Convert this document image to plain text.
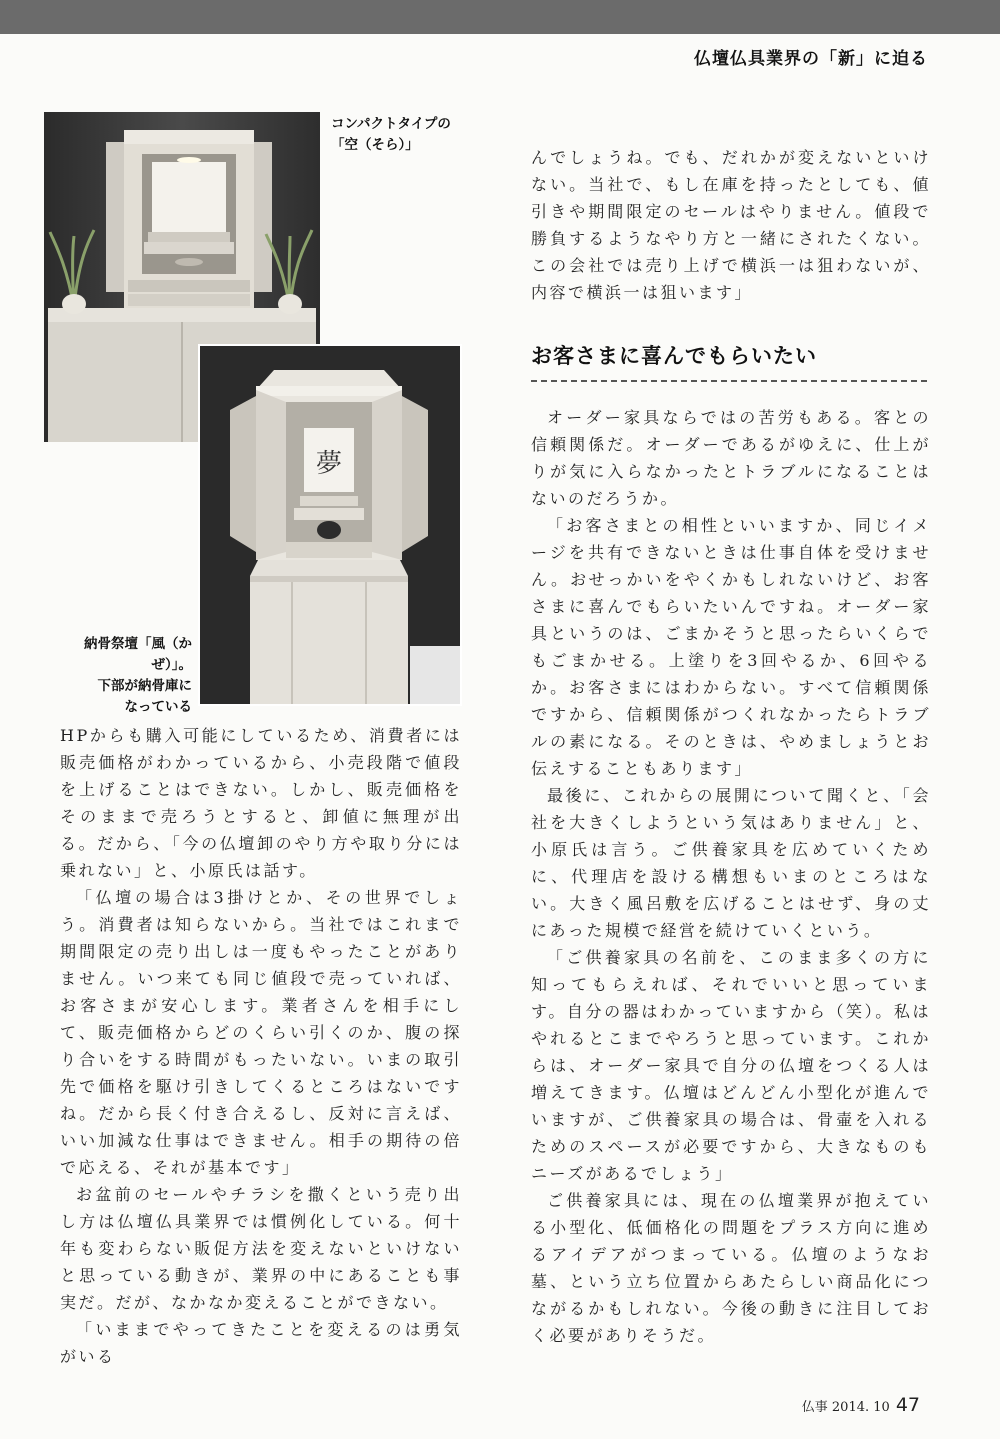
仏壇仏具業界の「新」に迫る
コンパクトタイプの
「空（そら）」
夢
納骨祭壇「風（かぜ）」。
下部が納骨庫に
なっている

HPからも購入可能にしているため、消費者には販売価格がわかっているから、小売段階で値段を上げることはできない。しかし、販売価格をそのままで売ろうとすると、卸値に無理が出る。だから、「今の仏壇卸のやり方や取り分には乗れない」と、小原氏は話す。

「仏壇の場合は3掛けとか、その世界でしょう。消費者は知らないから。当社ではこれまで期間限定の売り出しは一度もやったことがありません。いつ来ても同じ値段で売っていれば、お客さまが安心します。業者さんを相手にして、販売価格からどのくらい引くのか、腹の探り合いをする時間がもったいない。いまの取引先で価格を駆け引きしてくるところはないですね。だから長く付き合えるし、反対に言えば、いい加減な仕事はできません。相手の期待の倍で応える、それが基本です」

お盆前のセールやチラシを撒くという売り出し方は仏壇仏具業界では慣例化している。何十年も変わらない販促方法を変えないといけないと思っている動きが、業界の中にあることも事実だ。だが、なかなか変えることができない。

「いままでやってきたことを変えるのは勇気がいる

んでしょうね。でも、だれかが変えないといけない。当社で、もし在庫を持ったとしても、値引きや期間限定のセールはやりません。値段で勝負するようなやり方と一緒にされたくない。この会社では売り上げで横浜一は狙わないが、内容で横浜一は狙います」

お客さまに喜んでもらいたい

オーダー家具ならではの苦労もある。客との信頼関係だ。オーダーであるがゆえに、仕上がりが気に入らなかったとトラブルになることはないのだろうか。

「お客さまとの相性といいますか、同じイメージを共有できないときは仕事自体を受けません。おせっかいをやくかもしれないけど、お客さまに喜んでもらいたいんですね。オーダー家具というのは、ごまかそうと思ったらいくらでもごまかせる。上塗りを3回やるか、6回やるか。お客さまにはわからない。すべて信頼関係ですから、信頼関係がつくれなかったらトラブルの素になる。そのときは、やめましょうとお伝えすることもあります」

最後に、これからの展開について聞くと、「会社を大きくしようという気はありません」と、小原氏は言う。ご供養家具を広めていくために、代理店を設ける構想もいまのところはない。大きく風呂敷を広げることはせず、身の丈にあった規模で経営を続けていくという。

「ご供養家具の名前を、このまま多くの方に知ってもらえれば、それでいいと思っています。自分の器はわかっていますから（笑）。私はやれるとこまでやろうと思っています。これからは、オーダー家具で自分の仏壇をつくる人は増えてきます。仏壇はどんどん小型化が進んでいますが、ご供養家具の場合は、骨壷を入れるためのスペースが必要ですから、大きなものもニーズがあるでしょう」

ご供養家具には、現在の仏壇業界が抱えている小型化、低価格化の問題をプラス方向に進めるアイデアがつまっている。仏壇のようなお墓、という立ち位置からあたらしい商品化につながるかもしれない。今後の動きに注目しておく必要がありそうだ。

仏事 2014. 10 47
